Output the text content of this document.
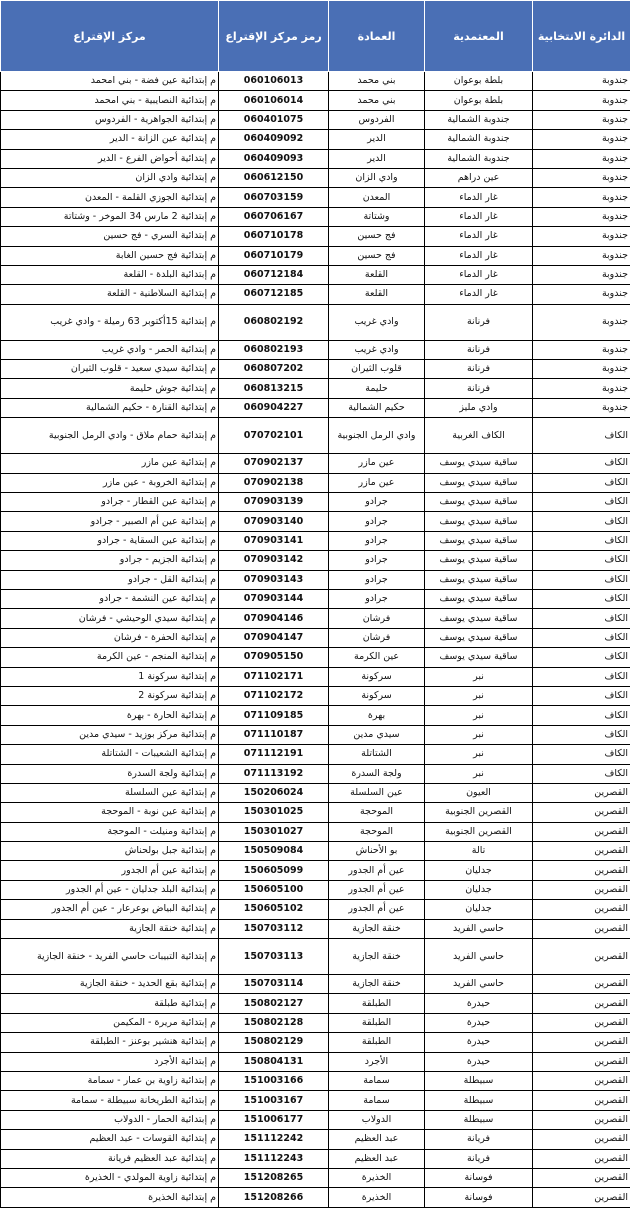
الدائرة الانتخابية	المعتمدية	العمادة	رمز مركز الإقتراع	مركز الإقتراع
جندوبة	بلطة بوعوان	بني محمد	060106013	م إبتدائية عين فضة - بني امحمد
جندوبة	بلطة بوعوان	بني محمد	060106014	م إبتدائية النصايبية - بني امحمد
جندوبة	جندوبة الشمالية	الفردوس	060401075	م إبتدائية الجواهرية - الفردوس
جندوبة	جندوبة الشمالية	الدير	060409092	م إبتدائية عين الزانة - الدير
جندوبة	جندوبة الشمالية	الدير	060409093	م إبتدائية أحواض الفرع - الدير
جندوبة	عين دراهم	وادي الزان	060612150	م إبتدائية وادي الزان
جندوبة	غار الدماء	المعدن	060703159	م إبتدائية الجوزي القلمة - المعدن
جندوبة	غار الدماء	وشتاتة	060706167	م إبتدائية 2 مارس 34 الموخر - وشتاتة
جندوبة	غار الدماء	فج حسين	060710178	م إبتدائية السري - فج حسين
جندوبة	غار الدماء	فج حسين	060710179	م إبتدائية فج حسين الغابة
جندوبة	غار الدماء	القلعة	060712184	م إبتدائية البلدة - القلعة
جندوبة	غار الدماء	القلعة	060712185	م إبتدائية السلاطنية - القلعة
جندوبة	فرنانة	وادي غريب	060802192	م إبتدائية 15أكتوبر 63 رميلة - وادي غريب
جندوبة	فرنانة	وادي غريب	060802193	م إبتدائية الحمر - وادي غريب
جندوبة	فرنانة	قلوب الثيران	060807202	م إبتدائية سيدي سعيد - قلوب الثيران
جندوبة	فرنانة	حليمة	060813215	م إبتدائية جوش حليمة
جندوبة	وادي مليز	حكيم الشمالية	060904227	م إبتدائية القنارة - حكيم الشمالية
الكاف	الكاف الغربية	وادي الرمل الجنوبية	070702101	م إبتدائية حمام ملاق - وادي الرمل الجنوبية
الكاف	ساقية سيدي يوسف	عين مازر	070902137	م إبتدائية عين مازر
الكاف	ساقية سيدي يوسف	عين مازر	070902138	م إبتدائية الخروبة - عين مازر
الكاف	ساقية سيدي يوسف	جرادو	070903139	م إبتدائية عين القطار - جرادو
الكاف	ساقية سيدي يوسف	جرادو	070903140	م إبتدائية عين أم الصبير - جرادو
الكاف	ساقية سيدي يوسف	جرادو	070903141	م إبتدائية عين السقاية - جرادو
الكاف	ساقية سيدي يوسف	جرادو	070903142	م إبتدائية الجزيم - جرادو
الكاف	ساقية سيدي يوسف	جرادو	070903143	م إبتدائية القل - جرادو
الكاف	ساقية سيدي يوسف	جرادو	070903144	م إبتدائية عين النشمة - جرادو
الكاف	ساقية سيدي يوسف	فرشان	070904146	م إبتدائية سيدي الوحيشي - فرشان
الكاف	ساقية سيدي يوسف	فرشان	070904147	م إبتدائية الحفرة - فرشان
الكاف	ساقية سيدي يوسف	عين الكرمة	070905150	م إبتدائية المنجم - عين الكرمة
الكاف	نبر	سركونة	071102171	م إبتدائية سركونة 1
الكاف	نبر	سركونة	071102172	م إبتدائية سركونة 2
الكاف	نبر	بهرة	071109185	م إبتدائية الحارة - بهرة
الكاف	نبر	سيدي مدين	071110187	م إبتدائية مركز بوزيد - سيدي مدين
الكاف	نبر	الشتاتلة	071112191	م إبتدائية الشعيبات - الشتاتلة
الكاف	نبر	ولجة السدرة	071113192	م إبتدائية ولجة السدرة
القصرين	العيون	عين السلسلة	150206024	م إبتدائية عين السلسلة
القصرين	القصرين الجنوبية	الموحجة	150301025	م إبتدائية عين نوبة - الموحجة
القصرين	القصرين الجنوبية	الموحجة	150301027	م إبتدائية ومنيلت - الموحجة
القصرين	تالة	بو الأحناش	150509084	م إبتدائية جبل بولحناش
القصرين	جدليان	عين أم الجدور	150605099	م إبتدائية عين أم الجدور
القصرين	جدليان	عين أم الجدور	150605100	م إبتدائية البلد جدليان - عين أم الجدور
القصرين	جدليان	عين أم الجدور	150605102	م إبتدائية البياض بوعرعار - عين أم الجدور
القصرين	حاسي الفريد	خنقة الجازية	150703112	م إبتدائية خنقة الجازية
القصرين	حاسي الفريد	خنقة الجازية	150703113	م إبتدائية التبيبات حاسي الفريد - خنقة الجازية
القصرين	حاسي الفريد	خنقة الجازية	150703114	م إبتدائية بقع الحديد - خنقة الجازية
القصرين	حيدرة	الطبلقة	150802127	م إبتدائية طبلقة
القصرين	حيدرة	الطبلقة	150802128	م إبتدائية مريرة - المكيمن
القصرين	حيدرة	الطبلقة	150802129	م إبتدائية هنشير بوعنز - الطبلقة
القصرين	حيدرة	الأجرد	150804131	م إبتدائية الأجرد
القصرين	سبيطلة	سمامة	151003166	م إبتدائية زاوية بن عمار - سمامة
القصرين	سبيطلة	سمامة	151003167	م إبتدائية الطريخانة سبيطلة - سمامة
القصرين	سبيطلة	الدولاب	151006177	م إبتدائية الحمار - الدولاب
القصرين	فريانة	عبد العظيم	151112242	م إبتدائية القوسات - عبد العظيم
القصرين	فريانة	عبد العظيم	151112243	م إبتدائية عبد العظيم فريانة
القصرين	فوسانة	الخذيرة	151208265	م إبتدائية زاوية المولدي - الخذيرة
القصرين	فوسانة	الخذيرة	151208266	م إبتدائية الخذيرة
